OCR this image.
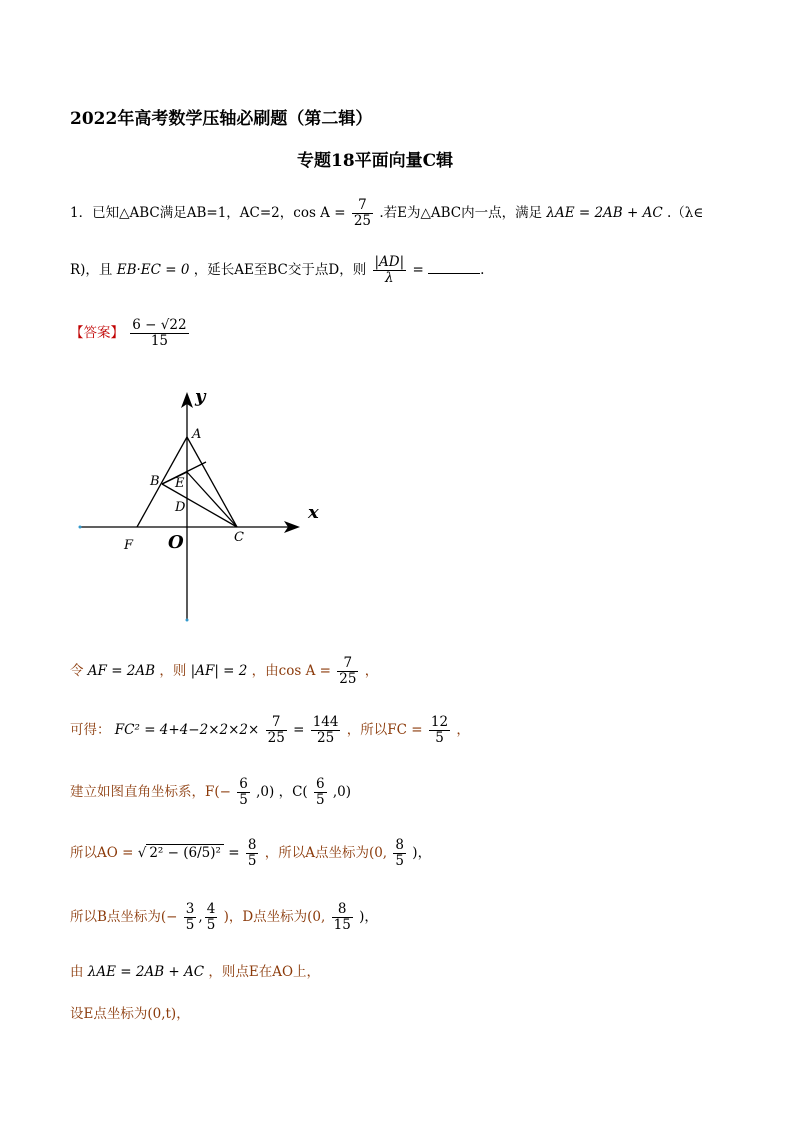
2022年高考数学压轴必刷题（第二辑）
专题18平面向量C辑
1．已知△ABC满足AB=1，AC=2，$\cos A = \frac{7}{25}$ .若E为△ABC内一点，满足 λAE = 2AB + AC .（λ∈
R)，且 EB·EC = 0 ，延长AE至BC交于点D，则 $\frac{|AD|}{\lambda}$ =	.
【答案】 $\frac{6 - √22}{15}$
y
x
O
A
B E
D
F
C
令 AF = 2AB ，则 |AF| = 2 ，由$\cos A = \frac{7}{25}$ ，
可得： $FC^2 = 4+4-2\times 2\times 2\times \frac{7}{25} = \frac{144}{25}$ ，所以FC = $\frac{12}{5}$ ，
建立如图直角坐标系，$F(- \frac{6}{5} ,0)$ ，$C( \frac{6}{5} ,0)$
所以AO = √ $2^2 - (6/5)^2 = \frac{8}{5}$ ，所以A点坐标为(0, $\frac{8}{5}$ )，
所以B点坐标为(− $\frac{3}{5}$ , $\frac{4}{5}$ )，D点坐标为(0, $\frac{8}{15}$ )，
由 λAE = 2AB + AC ，则点E在AO上，
设E点坐标为(0,t)，
